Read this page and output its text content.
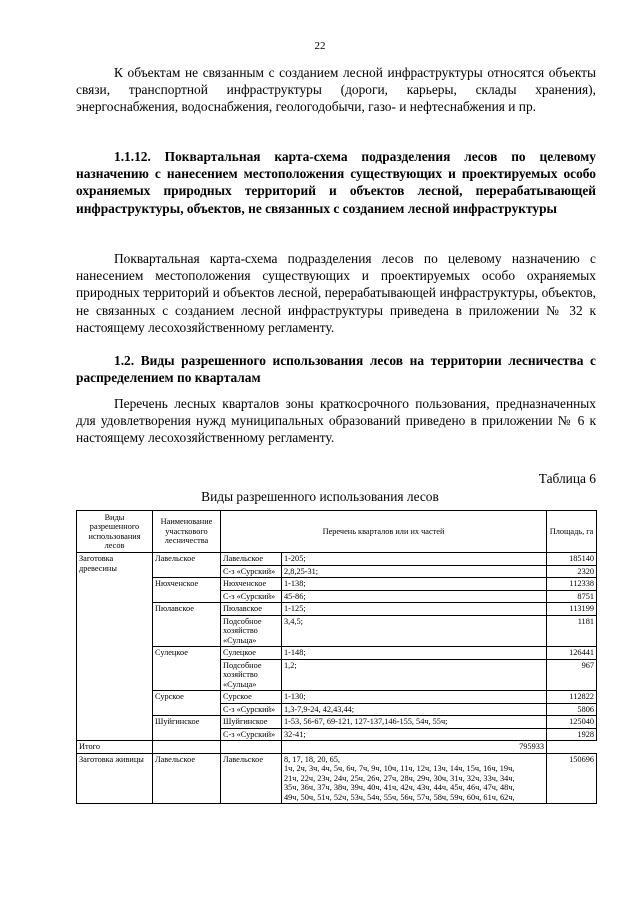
22
К объектам не связанным с созданием лесной инфраструктуры относятся объекты связи, транспортной инфраструктуры (дороги, карьеры, склады хранения), энергоснабжения, водоснабжения, геологодобычи, газо- и нефтеснабжения и пр.
1.1.12. Поквартальная карта-схема подразделения лесов по целевому назначению с нанесением местоположения существующих и проектируемых особо охраняемых природных территорий и объектов лесной, перерабатывающей инфраструктуры, объектов, не связанных с созданием лесной инфраструктуры
Поквартальная карта-схема подразделения лесов по целевому назначению с нанесением местоположения существующих и проектируемых особо охраняемых природных территорий и объектов лесной, перерабатывающей инфраструктуры, объектов, не связанных с созданием лесной инфраструктуры приведена в приложении № 32 к настоящему лесохозяйственному регламенту.
1.2. Виды разрешенного использования лесов на территории лесничества с распределением по кварталам
Перечень лесных кварталов зоны краткосрочного пользования, предназначенных для удовлетворения нужд муниципальных образований приведено в приложении № 6 к настоящему лесохозяйственному регламенту.
Таблица 6
Виды разрешенного использования лесов
Виды разрешенного использования лесов	Наименование участкового лесничества	Перечень кварталов или их частей		Площадь, га
Заготовка древесины	Лавельское	Лавельское	1-205;	185140
		С-з «Сурский»	2,8,25-31;	2320
	Нюхченское	Нюхченское	1-138;	112338
		С-з «Сурский»	45-86;	8751
	Пюлавское	Пюлавское	1-125;	113199
		Подсобное хозяйство «Сульца»	3,4,5;	1181
	Сулецкое	Сулецкое	1-148;	126441
		Подсобное хозяйство «Сульца»	1,2;	967
	Сурское	Сурское	1-130;	112822
		С-з «Сурский»	1,3-7,9-24, 42,43,44;	5806
	Шуйгинское	Шуйгинское	1-53, 56-67, 69-121, 127-137,146-155, 54ч, 55ч;	125040
		С-з «Сурский»	32-41;	1928
Итого			795933	
Заготовка живицы	Лавельское	Лавельское	8, 17, 18, 20, 65,
1ч, 2ч, 3ч, 4ч, 5ч, 6ч, 7ч, 9ч, 10ч, 11ч, 12ч, 13ч, 14ч, 15ч, 16ч, 19ч,
21ч, 22ч, 23ч, 24ч, 25ч, 26ч, 27ч, 28ч, 29ч, 30ч, 31ч, 32ч, 33ч, 34ч,
35ч, 36ч, 37ч, 38ч, 39ч, 40ч, 41ч, 42ч, 43ч, 44ч, 45ч, 46ч, 47ч, 48ч,
49ч, 50ч, 51ч, 52ч, 53ч, 54ч, 55ч, 56ч, 57ч, 58ч, 59ч, 60ч, 61ч, 62ч,	150696
